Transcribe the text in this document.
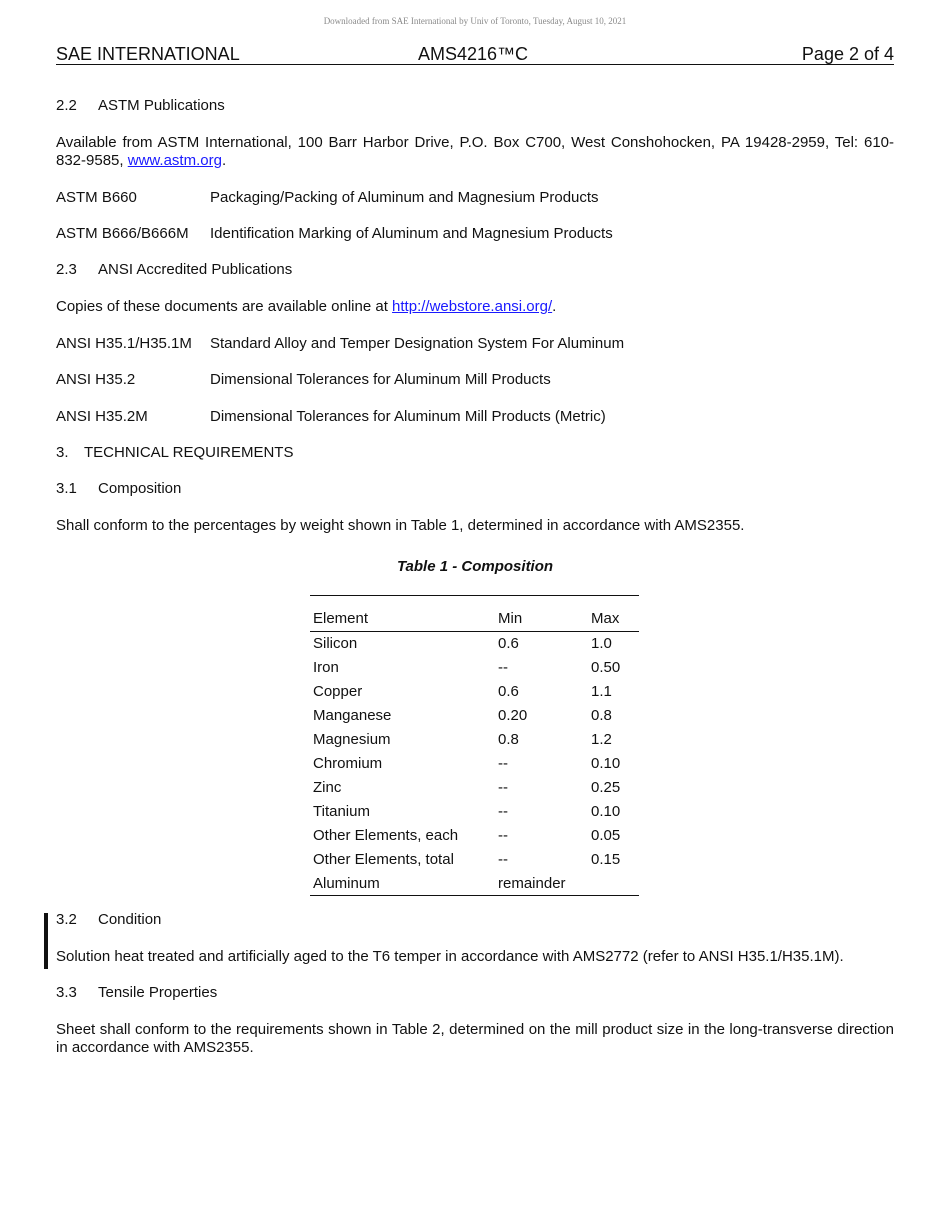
Downloaded from SAE International by Univ of Toronto, Tuesday, August 10, 2021
SAE INTERNATIONAL	AMS4216™C	Page 2 of 4
2.2 ASTM Publications
Available from ASTM International, 100 Barr Harbor Drive, P.O. Box C700, West Conshohocken, PA 19428-2959, Tel: 610-832-9585, www.astm.org.
ASTM B660	Packaging/Packing of Aluminum and Magnesium Products
ASTM B666/B666M Identification Marking of Aluminum and Magnesium Products
2.3 ANSI Accredited Publications
Copies of these documents are available online at http://webstore.ansi.org/.
ANSI H35.1/H35.1M Standard Alloy and Temper Designation System For Aluminum
ANSI H35.2	Dimensional Tolerances for Aluminum Mill Products
ANSI H35.2M	Dimensional Tolerances for Aluminum Mill Products (Metric)
3. TECHNICAL REQUIREMENTS
3.1 Composition
Shall conform to the percentages by weight shown in Table 1, determined in accordance with AMS2355.
Table 1 - Composition
Element	Min	Max
Silicon	0.6	1.0
Iron	--	0.50
Copper	0.6	1.1
Manganese	0.20	0.8
Magnesium	0.8	1.2
Chromium	--	0.10
Zinc	--	0.25
Titanium	--	0.10
Other Elements, each	--	0.05
Other Elements, total	--	0.15
Aluminum	remainder	
3.2 Condition
Solution heat treated and artificially aged to the T6 temper in accordance with AMS2772 (refer to ANSI H35.1/H35.1M).
3.3 Tensile Properties
Sheet shall conform to the requirements shown in Table 2, determined on the mill product size in the long-transverse direction in accordance with AMS2355.
